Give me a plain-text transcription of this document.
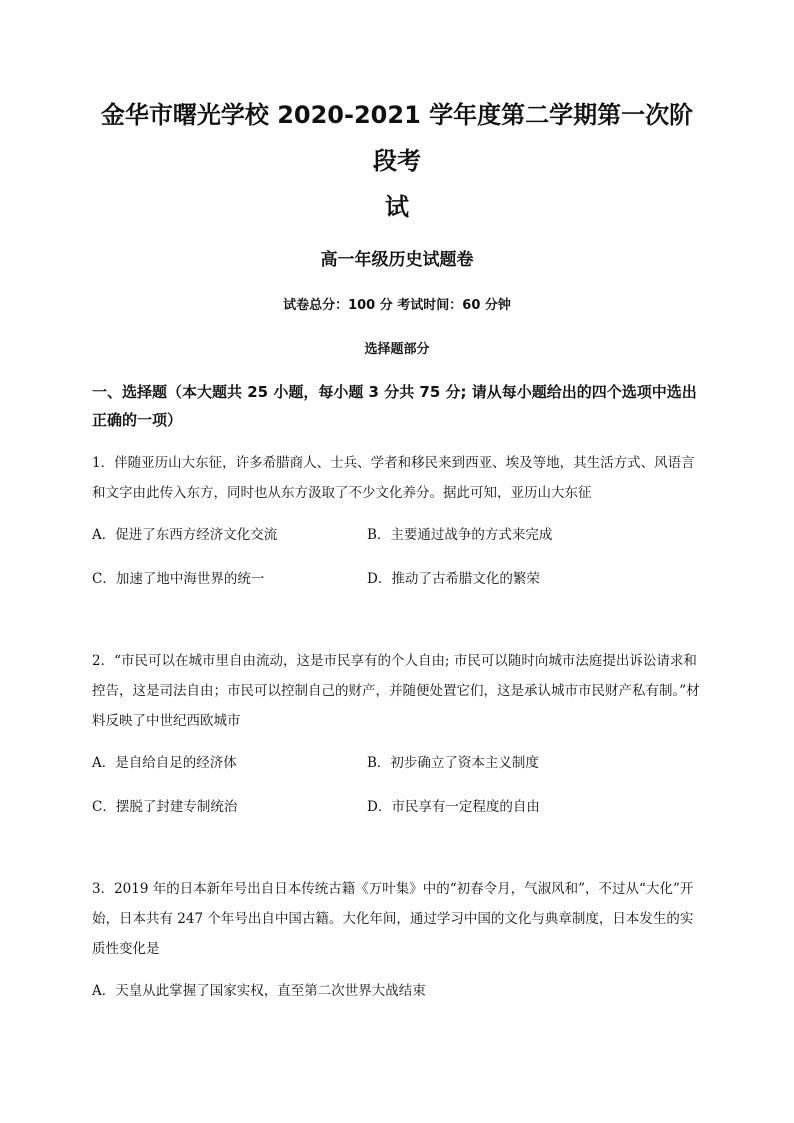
金华市曙光学校 2020-2021 学年度第二学期第一次阶段考
试
高一年级历史试题卷
试卷总分：100 分 考试时间：60 分钟
选择题部分
一、选择题（本大题共 25 小题，每小题 3 分共 75 分; 请从每小题给出的四个选项中选出正确的一项）

1．伴随亚历山大东征，许多希腊商人、士兵、学者和移民来到西亚、埃及等地，其生活方式、风语言和文字由此传入东方，同时也从东方汲取了不少文化养分。据此可知，亚历山大东征

A．促进了东西方经济文化交流	B．主要通过战争的方式来完成

C．加速了地中海世界的统一	D．推动了古希腊文化的繁荣

2．“市民可以在城市里自由流动，这是市民享有的个人自由; 市民可以随时向城市法庭提出诉讼请求和控告，这是司法自由；市民可以控制自己的财产，并随便处置它们，这是承认城市市民财产私有制。”材料反映了中世纪西欧城市

A．是自给自足的经济体	B．初步确立了资本主义制度

C．摆脱了封建专制统治	D．市民享有一定程度的自由

3．2019 年的日本新年号出自日本传统古籍《万叶集》中的“初春令月，气淑风和”，不过从“大化”开始，日本共有 247 个年号出自中国古籍。大化年间，通过学习中国的文化与典章制度，日本发生的实质性变化是

A．天皇从此掌握了国家实权，直至第二次世界大战结束
